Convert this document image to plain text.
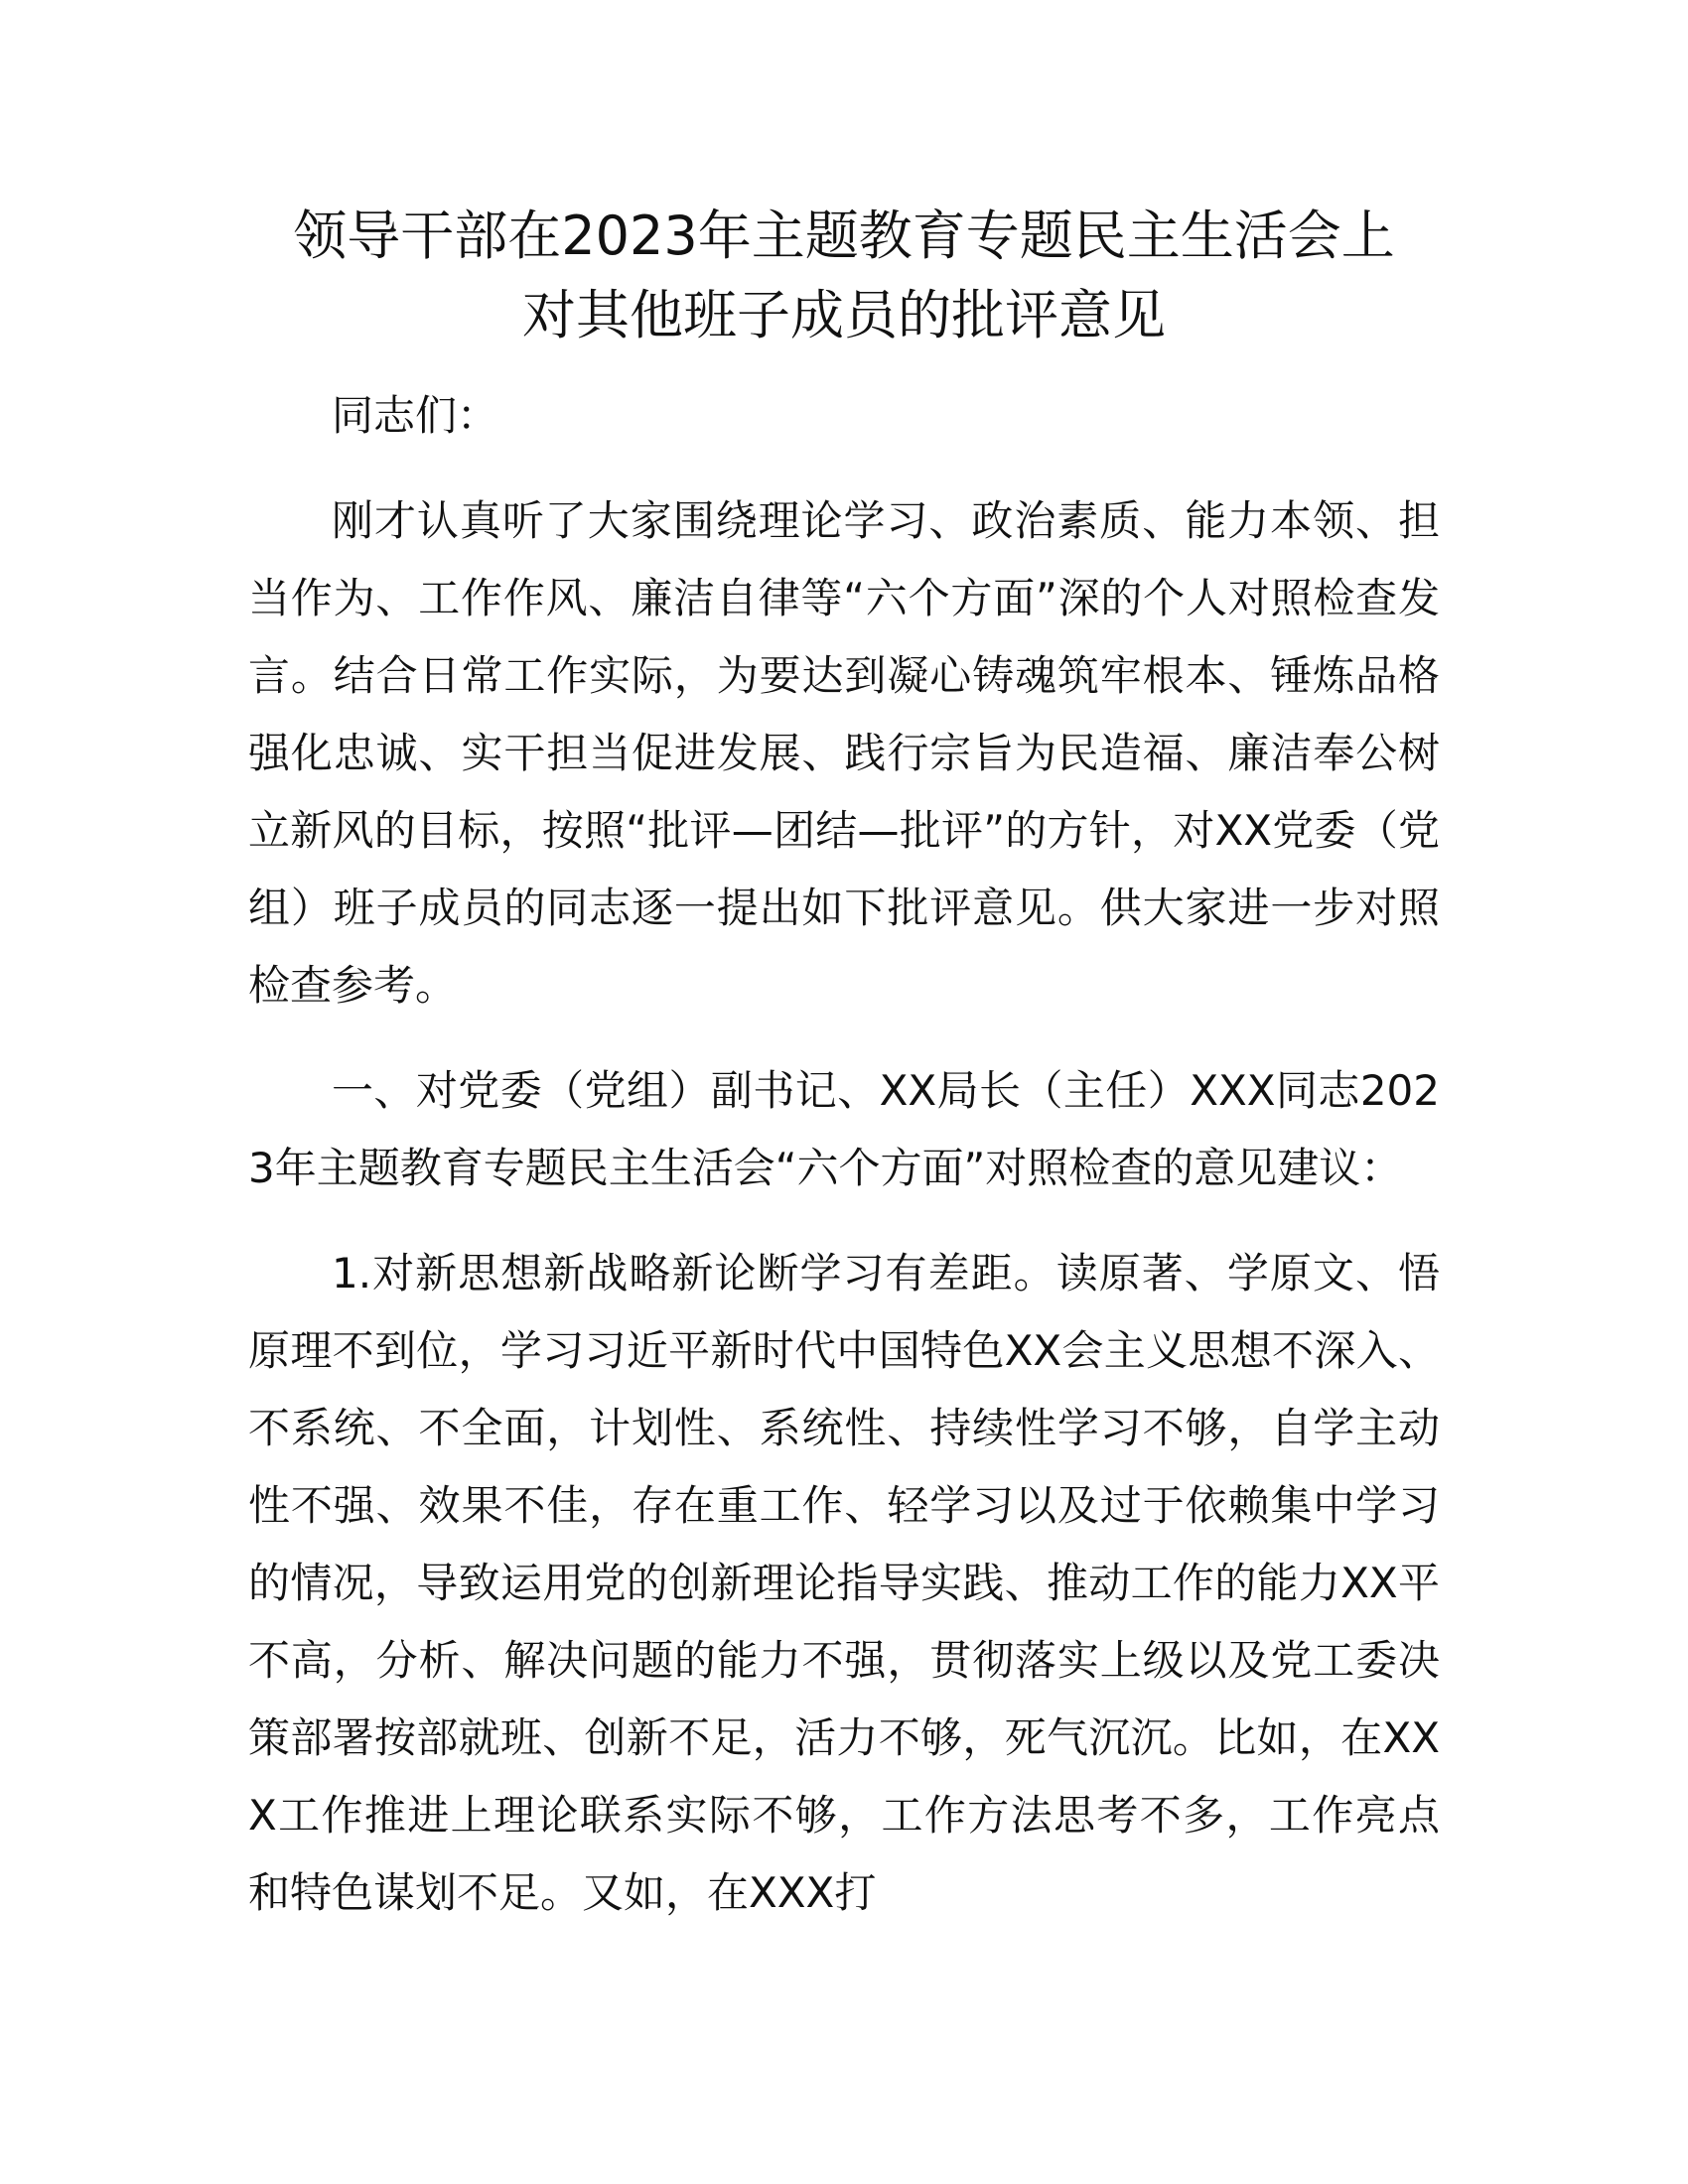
领导干部在2023年主题教育专题民主生活会上
对其他班子成员的批评意见

同志们：

刚才认真听了大家围绕理论学习、政治素质、能力本领、担当作为、工作作风、廉洁自律等“六个方面”深的个人对照检查发言。结合日常工作实际，为要达到凝心铸魂筑牢根本、锤炼品格强化忠诚、实干担当促进发展、践行宗旨为民造福、廉洁奉公树立新风的目标，按照“批评—团结—批评”的方针，对XX党委（党组）班子成员的同志逐一提出如下批评意见。供大家进一步对照检查参考。

一、对党委（党组）副书记、XX局长（主任）XXX同志2023年主题教育专题民主生活会“六个方面”对照检查的意见建议：

1.对新思想新战略新论断学习有差距。读原著、学原文、悟原理不到位，学习习近平新时代中国特色XX会主义思想不深入、不系统、不全面，计划性、系统性、持续性学习不够，自学主动性不强、效果不佳，存在重工作、轻学习以及过于依赖集中学习的情况，导致运用党的创新理论指导实践、推动工作的能力XX平不高，分析、解决问题的能力不强，贯彻落实上级以及党工委决策部署按部就班、创新不足，活力不够，死气沉沉。比如，在XXX工作推进上理论联系实际不够，工作方法思考不多，工作亮点和特色谋划不足。又如，在XXX打
